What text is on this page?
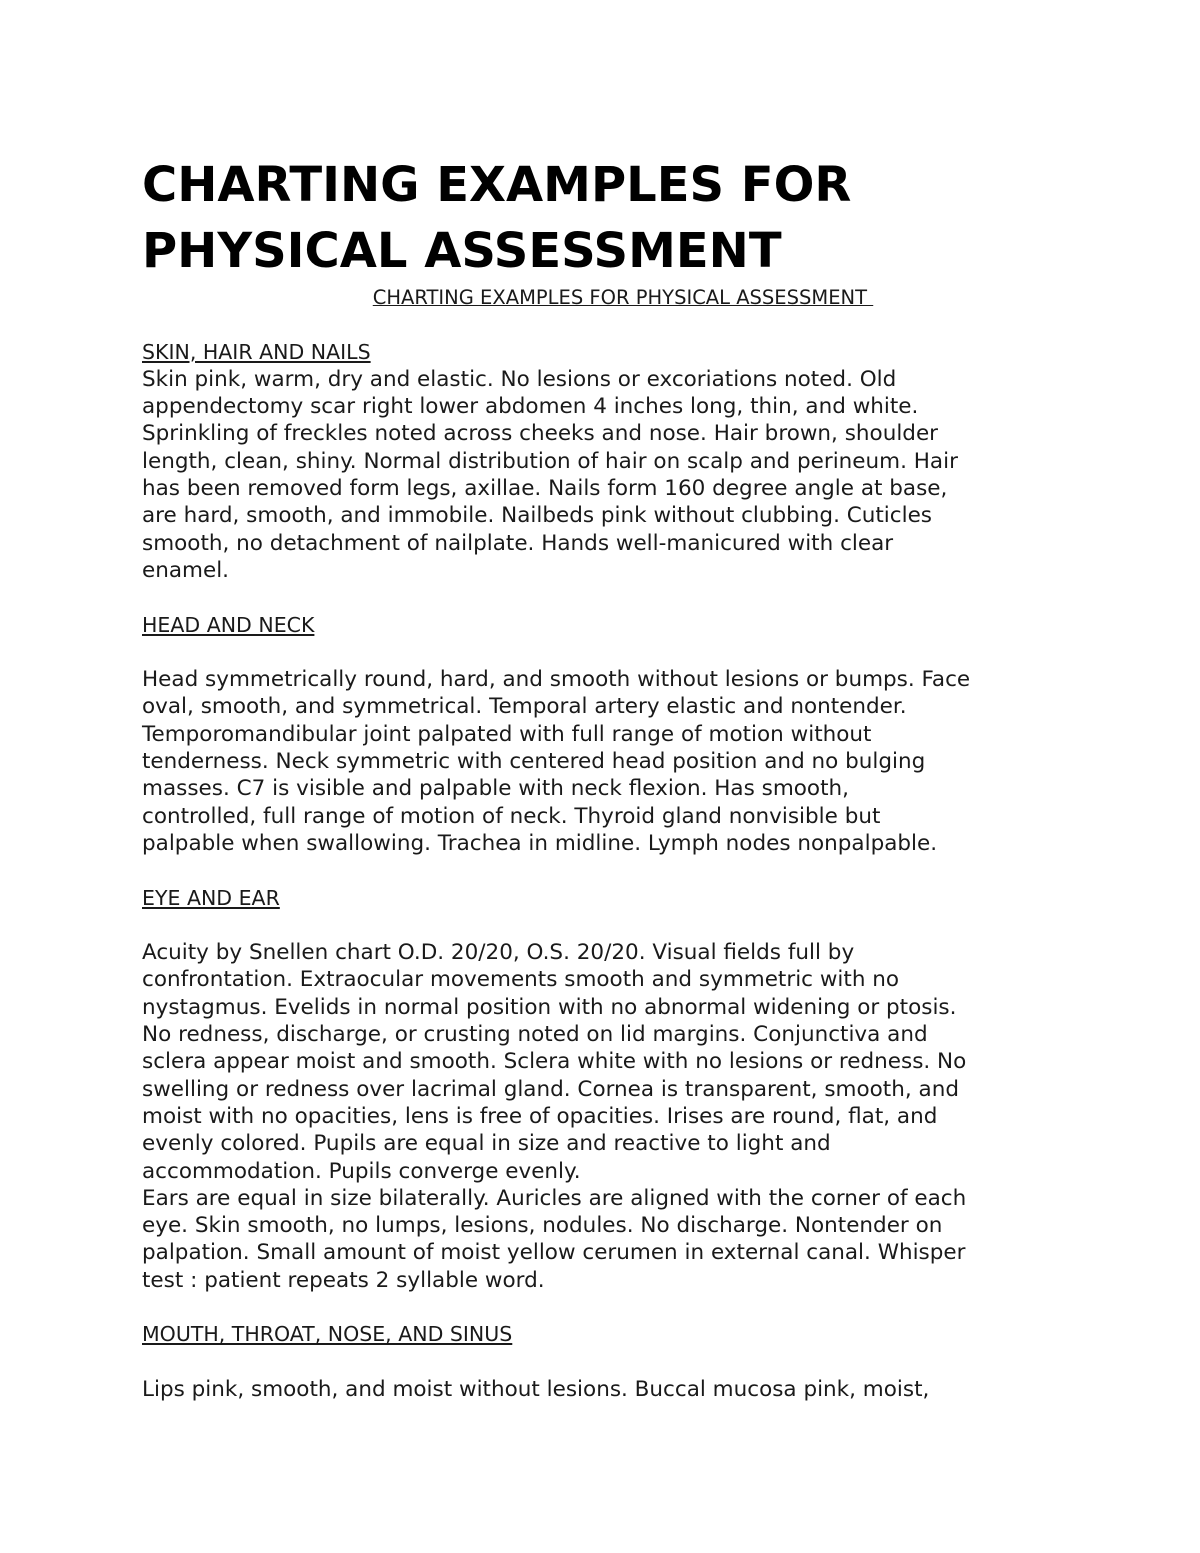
CHARTING EXAMPLES FOR
PHYSICAL ASSESSMENT
CHARTING EXAMPLES FOR PHYSICAL ASSESSMENT
SKIN, HAIR AND NAILS
Skin pink, warm, dry and elastic. No lesions or excoriations noted. Old
appendectomy scar right lower abdomen 4 inches long, thin, and white.
Sprinkling of freckles noted across cheeks and nose. Hair brown, shoulder
length, clean, shiny. Normal distribution of hair on scalp and perineum. Hair
has been removed form legs, axillae. Nails form 160 degree angle at base,
are hard, smooth, and immobile. Nailbeds pink without clubbing. Cuticles
smooth, no detachment of nailplate. Hands well-manicured with clear
enamel.
HEAD AND NECK
Head symmetrically round, hard, and smooth without lesions or bumps. Face
oval, smooth, and symmetrical. Temporal artery elastic and nontender.
Temporomandibular joint palpated with full range of motion without
tenderness. Neck symmetric with centered head position and no bulging
masses. C7 is visible and palpable with neck flexion. Has smooth,
controlled, full range of motion of neck. Thyroid gland nonvisible but
palpable when swallowing. Trachea in midline. Lymph nodes nonpalpable.
EYE AND EAR
Acuity by Snellen chart O.D. 20/20, O.S. 20/20. Visual fields full by
confrontation. Extraocular movements smooth and symmetric with no
nystagmus. Evelids in normal position with no abnormal widening or ptosis.
No redness, discharge, or crusting noted on lid margins. Conjunctiva and
sclera appear moist and smooth. Sclera white with no lesions or redness. No
swelling or redness over lacrimal gland. Cornea is transparent, smooth, and
moist with no opacities, lens is free of opacities. Irises are round, flat, and
evenly colored. Pupils are equal in size and reactive to light and
accommodation. Pupils converge evenly.
Ears are equal in size bilaterally. Auricles are aligned with the corner of each
eye. Skin smooth, no lumps, lesions, nodules. No discharge. Nontender on
palpation. Small amount of moist yellow cerumen in external canal. Whisper
test : patient repeats 2 syllable word.
MOUTH, THROAT, NOSE, AND SINUS
Lips pink, smooth, and moist without lesions. Buccal mucosa pink, moist,
